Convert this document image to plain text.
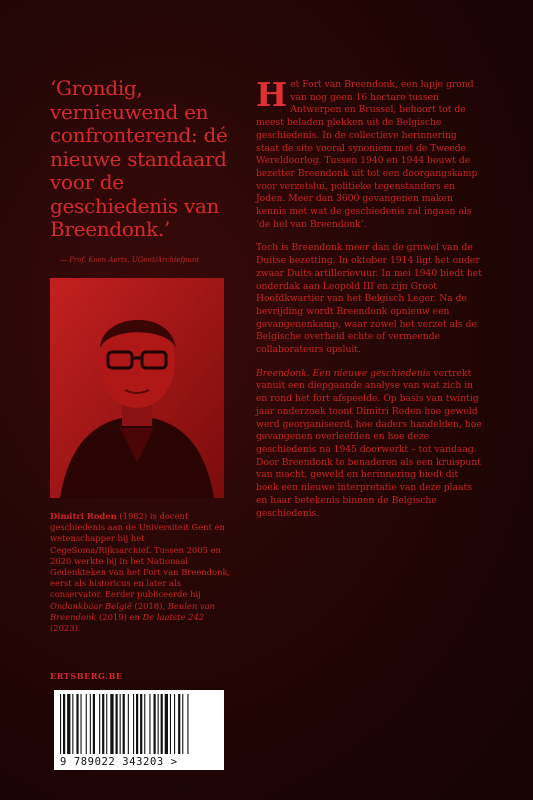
‘Grondig, vernieuwend en confronterend: dé nieuwe standaard voor de geschiedenis van Breendonk.’

— Prof. Koen Aerts, UGent/Archiefpunt

Dimitri Roden (1982) is docent geschiedenis aan de Universiteit Gent en wetenschapper bij het CegeSoma/Rijksarchief. Tussen 2005 en 2020 werkte hij in het Nationaal Gedenkteken van het Fort van Breendonk, eerst als historicus en later als conservator. Eerder publiceerde hij Ondankbaar België (2018), Beulen van Breendonk (2019) en De laatste 242 (2023).

ERTSBERG.BE
9 789022 343203 >

Het Fort van Breendonk, een lapje grond van nog geen 16 hectare tussen Antwerpen en Brussel, behoort tot de meest beladen plekken uit de Belgische geschiedenis. In de collectieve herinnering staat de site vooral synoniem met de Tweede Wereldoorlog. Tussen 1940 en 1944 bouwt de bezetter Breendonk uit tot een doorgangskamp voor verzetslui, politieke tegenstanders en Joden. Meer dan 3600 gevangenen maken kennis met wat de geschiedenis zal ingaan als ‘de hel van Breendonk’.

Toch is Breendonk meer dan de gruwel van de Duitse bezetting. In oktober 1914 ligt het onder zwaar Duits artillerievuur. In mei 1940 biedt het onderdak aan Leopold III en zijn Groot Hoofdkwartier van het Belgisch Leger. Na de bevrijding wordt Breendonk opnieuw een gevangenenkamp, waar zowel het verzet als de Belgische overheid echte of vermeende collaborateurs opsluit.

Breendonk. Een nieuwe geschiedenis vertrekt vanuit een diepgaande analyse van wat zich in en rond het fort afspeelde. Op basis van twintig jaar onderzoek toont Dimitri Roden hoe geweld werd georganiseerd, hoe daders handelden, hoe gevangenen overleefden en hoe deze geschiedenis na 1945 doorwerkt – tot vandaag. Door Breendonk te benaderen als een kruispunt van macht, geweld en herinnering biedt dit boek een nieuwe interpretatie van deze plaats en haar betekenis binnen de Belgische geschiedenis.
